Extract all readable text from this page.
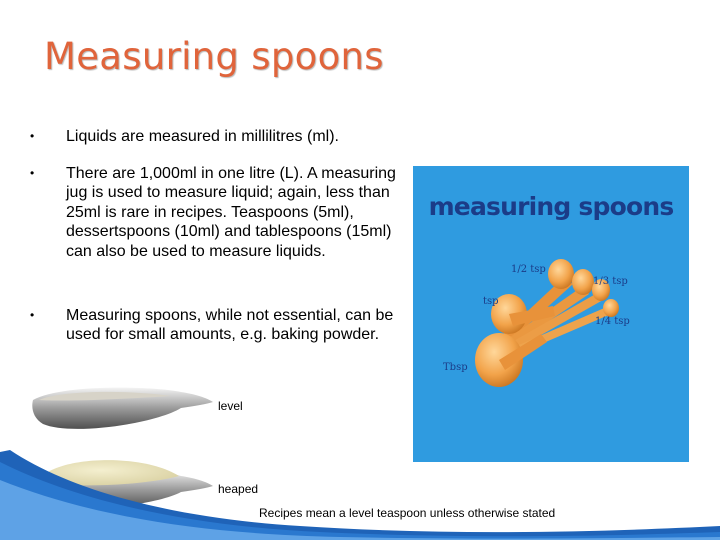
Measuring spoons
•	Liquids are measured in millilitres (ml).
•	There are 1,000ml in one litre (L). A measuring jug is used to measure liquid; again, less than 25ml is rare in recipes. Teaspoons (5ml), dessertspoons (10ml) and tablespoons (15ml) can also be used to measure liquids.
•	Measuring spoons, while not essential, can be used for small amounts, e.g. baking powder.
measuring spoons
1/2 tsp
1/3 tsp
tsp
1/4 tsp
Tbsp
level
heaped
Recipes mean a level teaspoon unless otherwise stated
